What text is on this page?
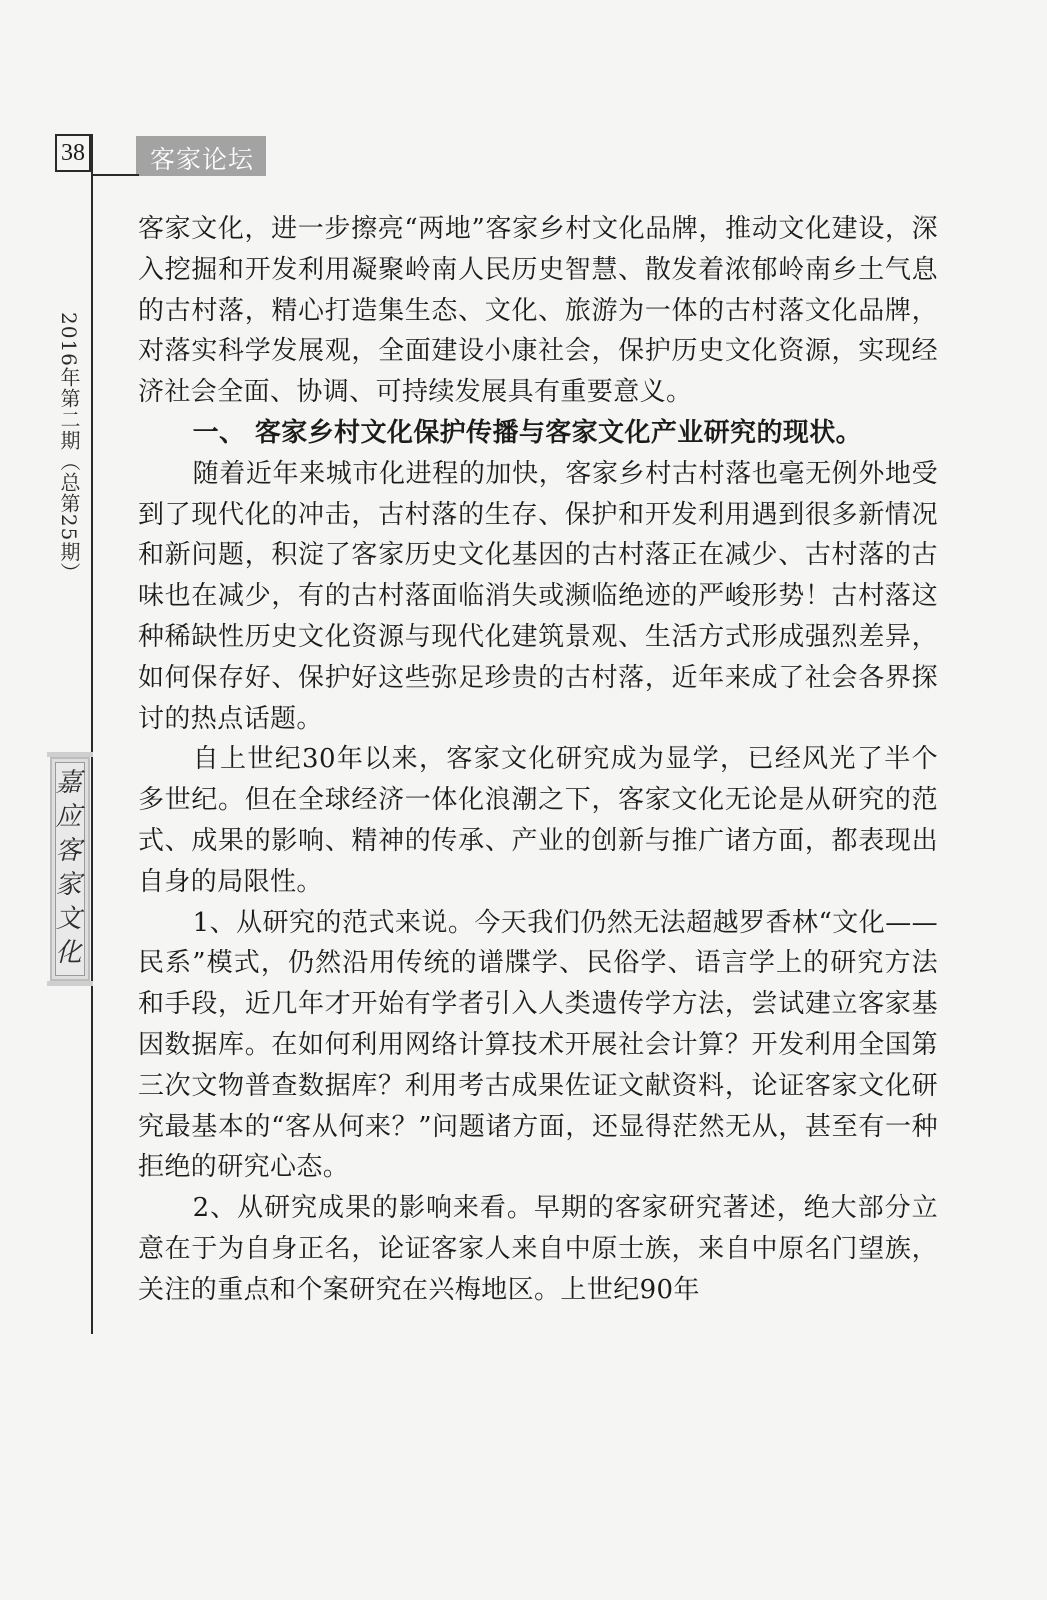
38	客家论坛
2016年第二期（总第25期）
嘉应客家文化

客家文化，进一步擦亮“两地”客家乡村文化品牌，推动文化建设，深入挖掘和开发利用凝聚岭南人民历史智慧、散发着浓郁岭南乡土气息的古村落，精心打造集生态、文化、旅游为一体的古村落文化品牌，对落实科学发展观，全面建设小康社会，保护历史文化资源，实现经济社会全面、协调、可持续发展具有重要意义。

一、 客家乡村文化保护传播与客家文化产业研究的现状。

随着近年来城市化进程的加快，客家乡村古村落也毫无例外地受到了现代化的冲击，古村落的生存、保护和开发利用遇到很多新情况和新问题，积淀了客家历史文化基因的古村落正在减少、古村落的古味也在减少，有的古村落面临消失或濒临绝迹的严峻形势！古村落这种稀缺性历史文化资源与现代化建筑景观、生活方式形成强烈差异，如何保存好、保护好这些弥足珍贵的古村落，近年来成了社会各界探讨的热点话题。

自上世纪30年以来，客家文化研究成为显学，已经风光了半个多世纪。但在全球经济一体化浪潮之下，客家文化无论是从研究的范式、成果的影响、精神的传承、产业的创新与推广诸方面，都表现出自身的局限性。

1、从研究的范式来说。今天我们仍然无法超越罗香林“文化——民系”模式，仍然沿用传统的谱牒学、民俗学、语言学上的研究方法和手段，近几年才开始有学者引入人类遗传学方法，尝试建立客家基因数据库。在如何利用网络计算技术开展社会计算？开发利用全国第三次文物普查数据库？利用考古成果佐证文献资料，论证客家文化研究最基本的“客从何来？”问题诸方面，还显得茫然无从，甚至有一种拒绝的研究心态。

2、从研究成果的影响来看。早期的客家研究著述，绝大部分立意在于为自身正名，论证客家人来自中原士族，来自中原名门望族，关注的重点和个案研究在兴梅地区。上世纪90年
